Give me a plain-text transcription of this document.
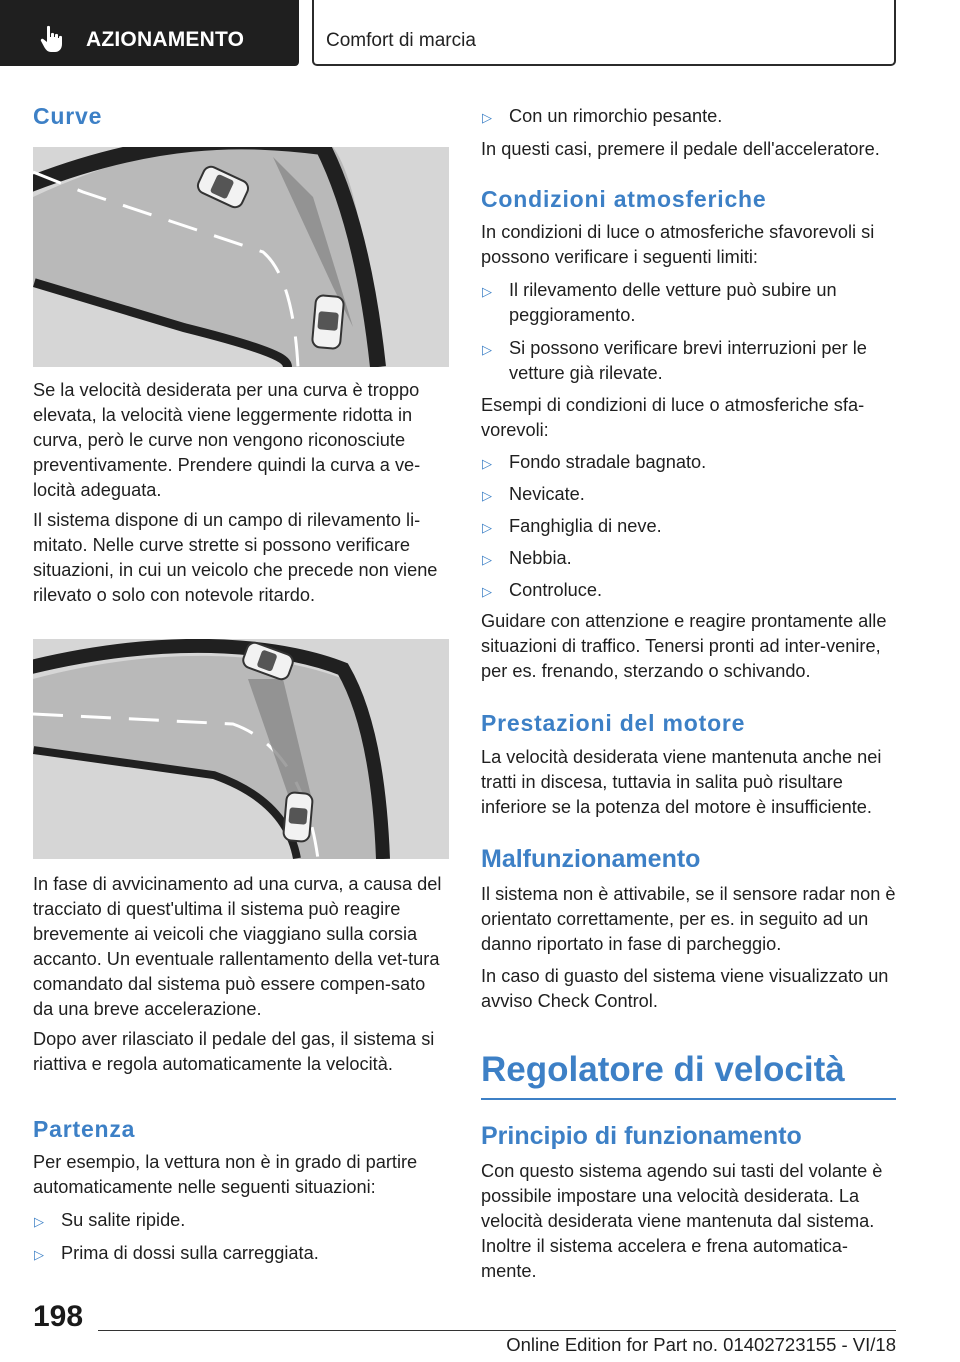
AZIONAMENTO	Comfort di marcia
Curve

Se la velocità desiderata per una curva è troppo elevata, la velocità viene leggermente ridotta in curva, però le curve non vengono riconosciute preventivamente. Prendere quindi la curva a ve-locità adeguata.

Il sistema dispone di un campo di rilevamento li-mitato. Nelle curve strette si possono verificare situazioni, in cui un veicolo che precede non viene rilevato o solo con notevole ritardo.

In fase di avvicinamento ad una curva, a causa del tracciato di quest'ultima il sistema può reagire brevemente ai veicoli che viaggiano sulla corsia accanto. Un eventuale rallentamento della vet-tura comandato dal sistema può essere compen-sato da una breve accelerazione.

Dopo aver rilasciato il pedale del gas, il sistema si riattiva e regola automaticamente la velocità.

Partenza

Per esempio, la vettura non è in grado di partire automaticamente nelle seguenti situazioni:

▷ Su salite ripide.
▷ Prima di dossi sulla carreggiata.
▷ Con un rimorchio pesante.

In questi casi, premere il pedale dell'acceleratore.

Condizioni atmosferiche

In condizioni di luce o atmosferiche sfavorevoli si possono verificare i seguenti limiti:

▷ Il rilevamento delle vetture può subire un peggioramento.
▷ Si possono verificare brevi interruzioni per le vetture già rilevate.

Esempi di condizioni di luce o atmosferiche sfa-vorevoli:

▷ Fondo stradale bagnato.
▷ Nevicate.
▷ Fanghiglia di neve.
▷ Nebbia.
▷ Controluce.

Guidare con attenzione e reagire prontamente alle situazioni di traffico. Tenersi pronti ad inter-venire, per es. frenando, sterzando o schivando.

Prestazioni del motore

La velocità desiderata viene mantenuta anche nei tratti in discesa, tuttavia in salita può risultare inferiore se la potenza del motore è insufficiente.

Malfunzionamento

Il sistema non è attivabile, se il sensore radar non è orientato correttamente, per es. in seguito ad un danno riportato in fase di parcheggio.

In caso di guasto del sistema viene visualizzato un avviso Check Control.

Regolatore di velocità
Principio di funzionamento

Con questo sistema agendo sui tasti del volante è possibile impostare una velocità desiderata. La velocità desiderata viene mantenuta dal sistema. Inoltre il sistema accelera e frena automatica-mente.

198
Online Edition for Part no. 01402723155 - VI/18
